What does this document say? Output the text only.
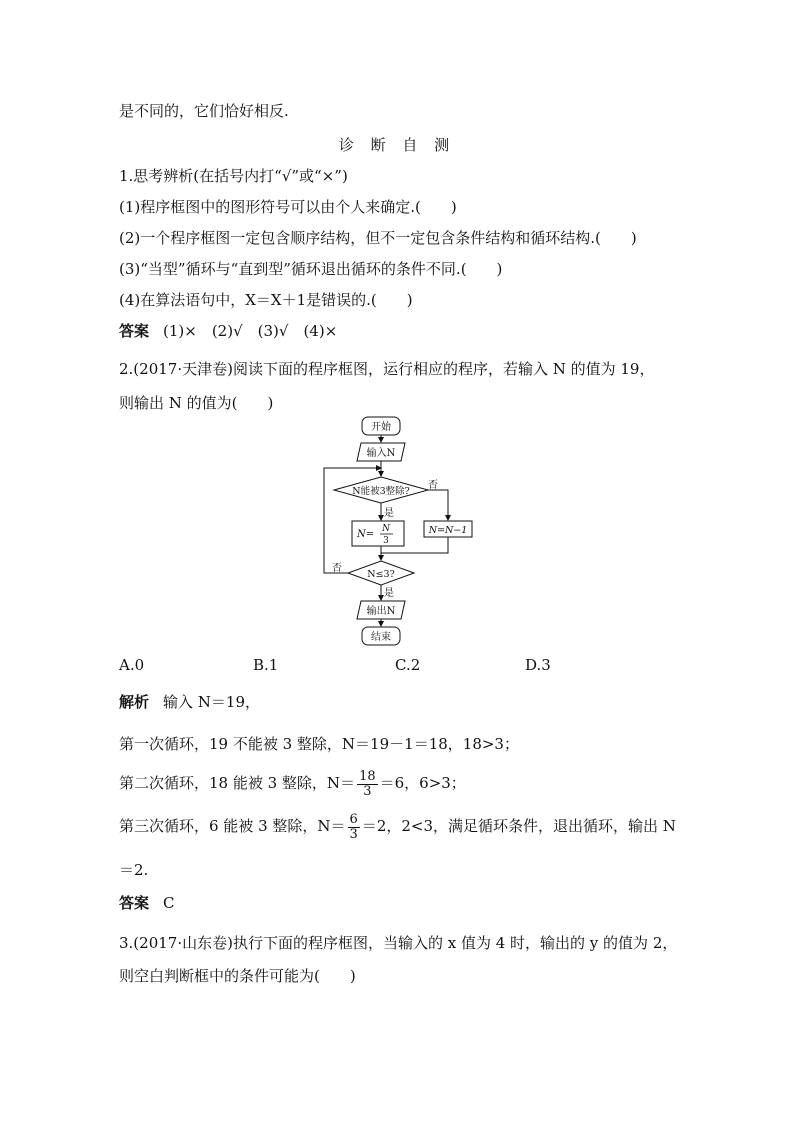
是不同的，它们恰好相反.
诊 断 自 测
1.思考辨析(在括号内打“√”或“×”)
(1)程序框图中的图形符号可以由个人来确定.(　　)
(2)一个程序框图一定包含顺序结构，但不一定包含条件结构和循环结构.(　　)
(3)“当型”循环与“直到型”循环退出循环的条件不同.(　　)
(4)在算法语句中，X＝X＋1是错误的.(　　)
答案 (1)×　(2)√　(3)√　(4)×
2.(2017·天津卷)阅读下面的程序框图，运行相应的程序，若输入 N 的值为 19，
则输出 N 的值为(　　)
开始
输入N
N能被3整除?
否
是
N= N
3
N=N−1
N≤3?
否
是
输出N
结束
A.0	B.1	C.2	D.3
解析 输入 N＝19，
第一次循环，19 不能被 3 整除，N＝19－1＝18，18>3；
第二次循环，18 能被 3 整除，$N= \frac{18}{3} =6$，6>3；
第三次循环，6 能被 3 整除，$N= \frac{6}{3} =2$，2<3，满足循环条件，退出循环，输出 N
＝2.
答案 C
3.(2017·山东卷)执行下面的程序框图，当输入的 x 值为 4 时，输出的 y 的值为 2，
则空白判断框中的条件可能为(　　)
